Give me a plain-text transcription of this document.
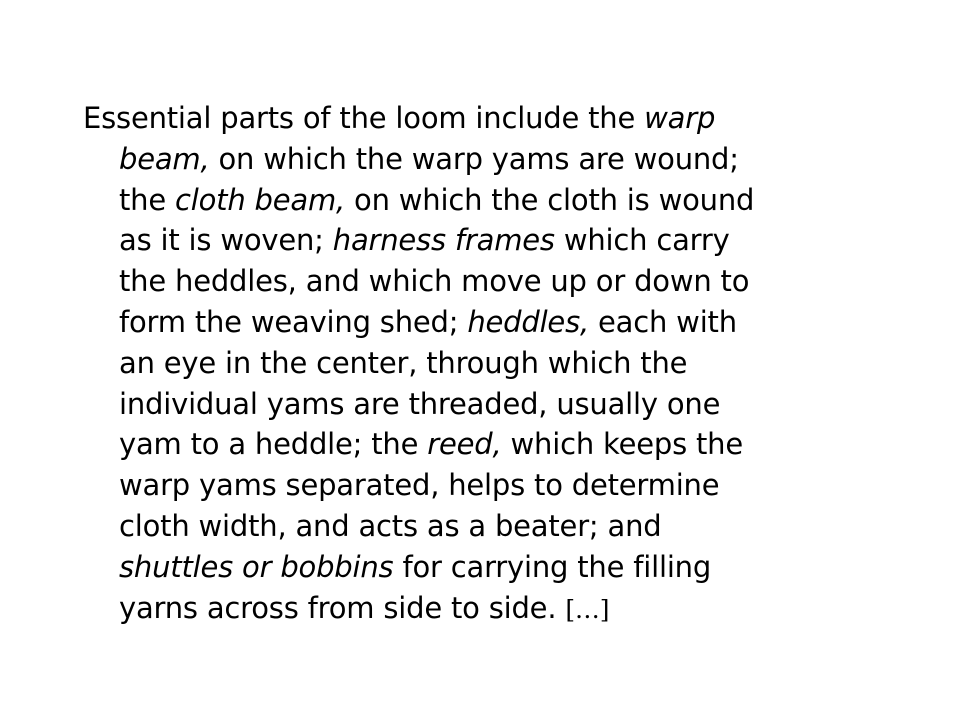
Essential parts of the loom include the warp
beam, on which the warp yams are wound;
the cloth beam, on which the cloth is wound
as it is woven; harness frames which carry
the heddles, and which move up or down to
form the weaving shed; heddles, each with
an eye in the center, through which the
individual yams are threaded, usually one
yam to a heddle; the reed, which keeps the
warp yams separated, helps to determine
cloth width, and acts as a beater; and
shuttles or bobbins for carrying the filling
yarns across from side to side. […]
